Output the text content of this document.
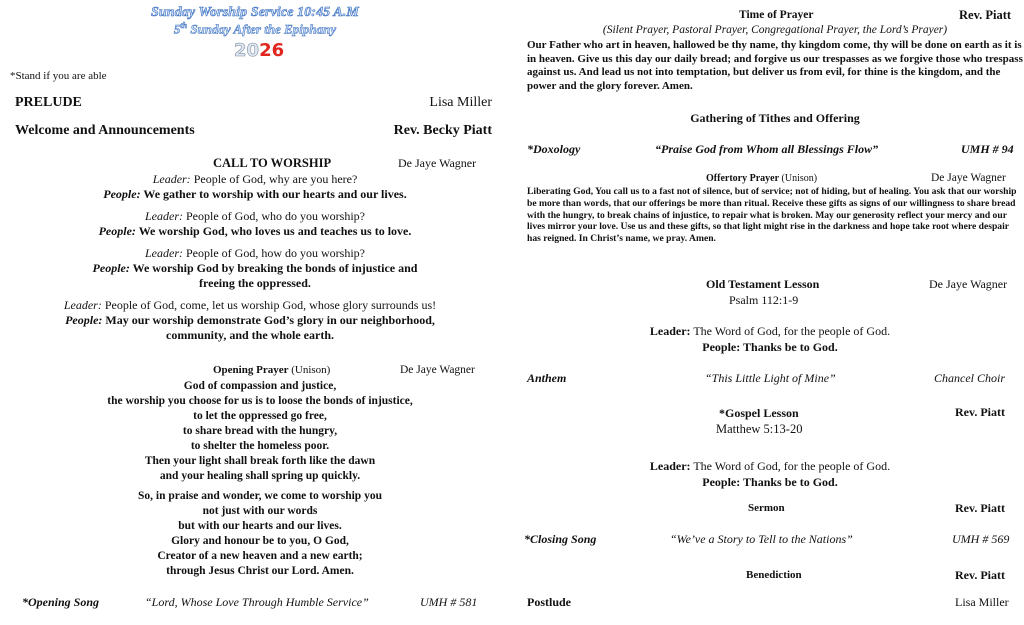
Sunday Worship Service 10:45 A.M
5th Sunday After the Epiphany
2026
*Stand if you are able
PRELUDE	Lisa Miller
Welcome and Announcements	Rev. Becky Piatt
CALL TO WORSHIP	De Jaye Wagner
Leader: People of God, why are you here?
People: We gather to worship with our hearts and our lives.
Leader: People of God, who do you worship?
People: We worship God, who loves us and teaches us to love.
Leader: People of God, how do you worship?
People: We worship God by breaking the bonds of injustice and
freeing the oppressed.
Leader: People of God, come, let us worship God, whose glory surrounds us!
People: May our worship demonstrate God’s glory in our neighborhood,
community, and the whole earth.
Opening Prayer (Unison)	De Jaye Wagner
God of compassion and justice,
the worship you choose for us is to loose the bonds of injustice,
to let the oppressed go free,
to share bread with the hungry,
to shelter the homeless poor.
Then your light shall break forth like the dawn
and your healing shall spring up quickly.
So, in praise and wonder, we come to worship you
not just with our words
but with our hearts and our lives.
Glory and honour be to you, O God,
Creator of a new heaven and a new earth;
through Jesus Christ our Lord. Amen.
*Opening Song	“Lord, Whose Love Through Humble Service”	UMH # 581
Time of Prayer	Rev. Piatt
(Silent Prayer, Pastoral Prayer, Congregational Prayer, the Lord’s Prayer)
Our Father who art in heaven, hallowed be thy name, thy kingdom come, thy will be done on earth as it is in heaven. Give us this day our daily bread; and forgive us our trespasses as we forgive those who trespass against us. And lead us not into temptation, but deliver us from evil, for thine is the kingdom, and the power and the glory forever. Amen.
Gathering of Tithes and Offering
*Doxology	“Praise God from Whom all Blessings Flow”	UMH # 94
Offertory Prayer (Unison)	De Jaye Wagner
Liberating God, You call us to a fast not of silence, but of service; not of hiding, but of healing. You ask that our worship be more than words, that our offerings be more than ritual. Receive these gifts as signs of our willingness to share bread with the hungry, to break chains of injustice, to repair what is broken. May our generosity reflect your mercy and our lives mirror your love. Use us and these gifts, so that light might rise in the darkness and hope take root where despair has reigned. In Christ’s name, we pray. Amen.
Old Testament Lesson	De Jaye Wagner
Psalm 112:1-9
Leader: The Word of God, for the people of God.
People: Thanks be to God.
Anthem	“This Little Light of Mine”	Chancel Choir
*Gospel Lesson	Rev. Piatt
Matthew 5:13-20
Leader: The Word of God, for the people of God.
People: Thanks be to God.
Sermon	Rev. Piatt
*Closing Song	“We’ve a Story to Tell to the Nations”	UMH # 569
Benediction	Rev. Piatt
Postlude	Lisa Miller
